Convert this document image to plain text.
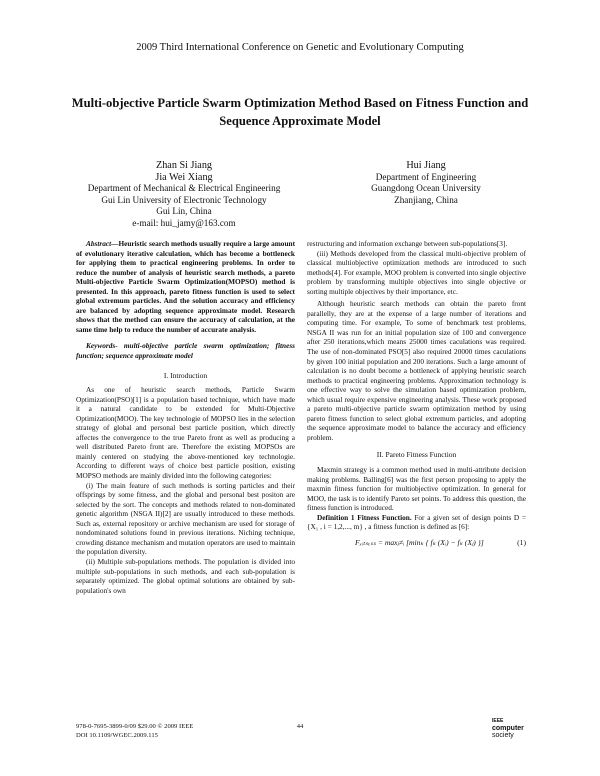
2009 Third International Conference on Genetic and Evolutionary Computing
Multi-objective Particle Swarm Optimization Method Based on Fitness Function and Sequence Approximate Model
Zhan Si Jiang
Jia Wei Xiang
Department of Mechanical & Electrical Engineering
Gui Lin University of Electronic Technology
Gui Lin, China
e-mail: hui_jamy@163.com
Hui Jiang
Department of Engineering
Guangdong Ocean University
Zhanjiang, China

Abstract—Heuristic search methods usually require a large amount of evolutionary iterative calculation, which has become a bottleneck for applying them to practical engineering problems. In order to reduce the number of analysis of heuristic search methods, a pareto Multi-objective Particle Swarm Optimization(MOPSO) method is presented. In this approach, pareto fitness function is used to select global extremum particles. And the solution accuracy and efficiency are balanced by adopting sequence approximate model. Research shows that the method can ensure the accuracy of calculation, at the same time help to reduce the number of accurate analysis.

Keywords- multi-objective particle swarm optimization; fitness function; sequence approximate model

I. Introduction

As one of heuristic search methods, Particle Swarm Optimization(PSO)[1] is a population based technique, which have made it a natural candidate to be extended for Multi-Objective Optimization(MOO). The key technologie of MOPSO lies in the selection strategy of global and personal best particle position, which directly affectes the convergence to the true Pareto front as well as producing a well distributed Pareto front are. Therefore the existing MOPSOs are mainly centered on studying the above-mentioned key technologie. According to different ways of choice best particle position, existing MOPSO methods are mainly divided into the following categories:

(i) The main feature of such methods is sorting particles and their offsprings by some fitness, and the global and personal best positon are selected by the sort. The concepts and methods related to non-dominated genetic algorithm (NSGA II)[2] are usually introduced to these methods. Such as, external repository or archive mechanism are used for storage of nondominated solutions found in previous iterations. Niching technique, crowding distance mechanism and mutation operators are used to maintain the population diversity.

(ii) Multiple sub-populations methods. The population is divided into multiple sub-populations in such methods, and each sub-population is separately optimized. The global optimal solutions are obtained by sub-population's own

restructuring and information exchange between sub-populations[3].

(iii) Methods developed from the classical multi-objective problem of classical multiobjective optimization methods are introduced to such methods[4]. For example, MOO problem is converted into single objective problem by transforming multiple objectives into single objective or sorting multiple objectives by their importance, etc.

Although heuristic search methods can obtain the pareto front parallelly, they are at the expense of a large number of iterations and computing time. For example, To some of benchmark test problems, NSGA II was run for an initial population size of 100 and convergence after 250 iterations,which means 25000 times caculations was required. The use of non-dominated PSO[5] also required 20000 times caculations by given 100 initial population and 200 iterations. Such a large amount of calculation is no doubt become a bottleneck of applying heuristic search methods to practical engineering problems. Approximation technology is one effective way to solve the simulation based optimization problem, which usual require expensive engineering analysis. These work proposed a pareto multi-objective particle swarm optimization method by using pareto fitness function to select global extremum particles, and adopting the sequence approximate model to balance the accuracy and efficiency problem.

II. Pareto Fitness Function

Maxmin strategy is a common method used in multi-attribute decision making problems. Balling[6] was the first person proposing to apply the maxmin fitness function for multiobjective optimization. In general for MOO, the task is to identify Pareto set points. To address this question, the fitness function is introduced.

Definition 1 Fitness Function. For a given set of design points D = {X₁ , i = 1,2,..., m} , a fitness function is defined as [6]:

Fₓᵢₜₙₑₛₛ = maxⱼ≠ᵢ [minₖ { fₖ (Xᵢ) − fₖ (Xⱼ) }]	(1)
978-0-7695-3899-0/09 $29.00 © 2009 IEEE
DOI 10.1109/WGEC.2009.115
44
IEEE
computer
society
